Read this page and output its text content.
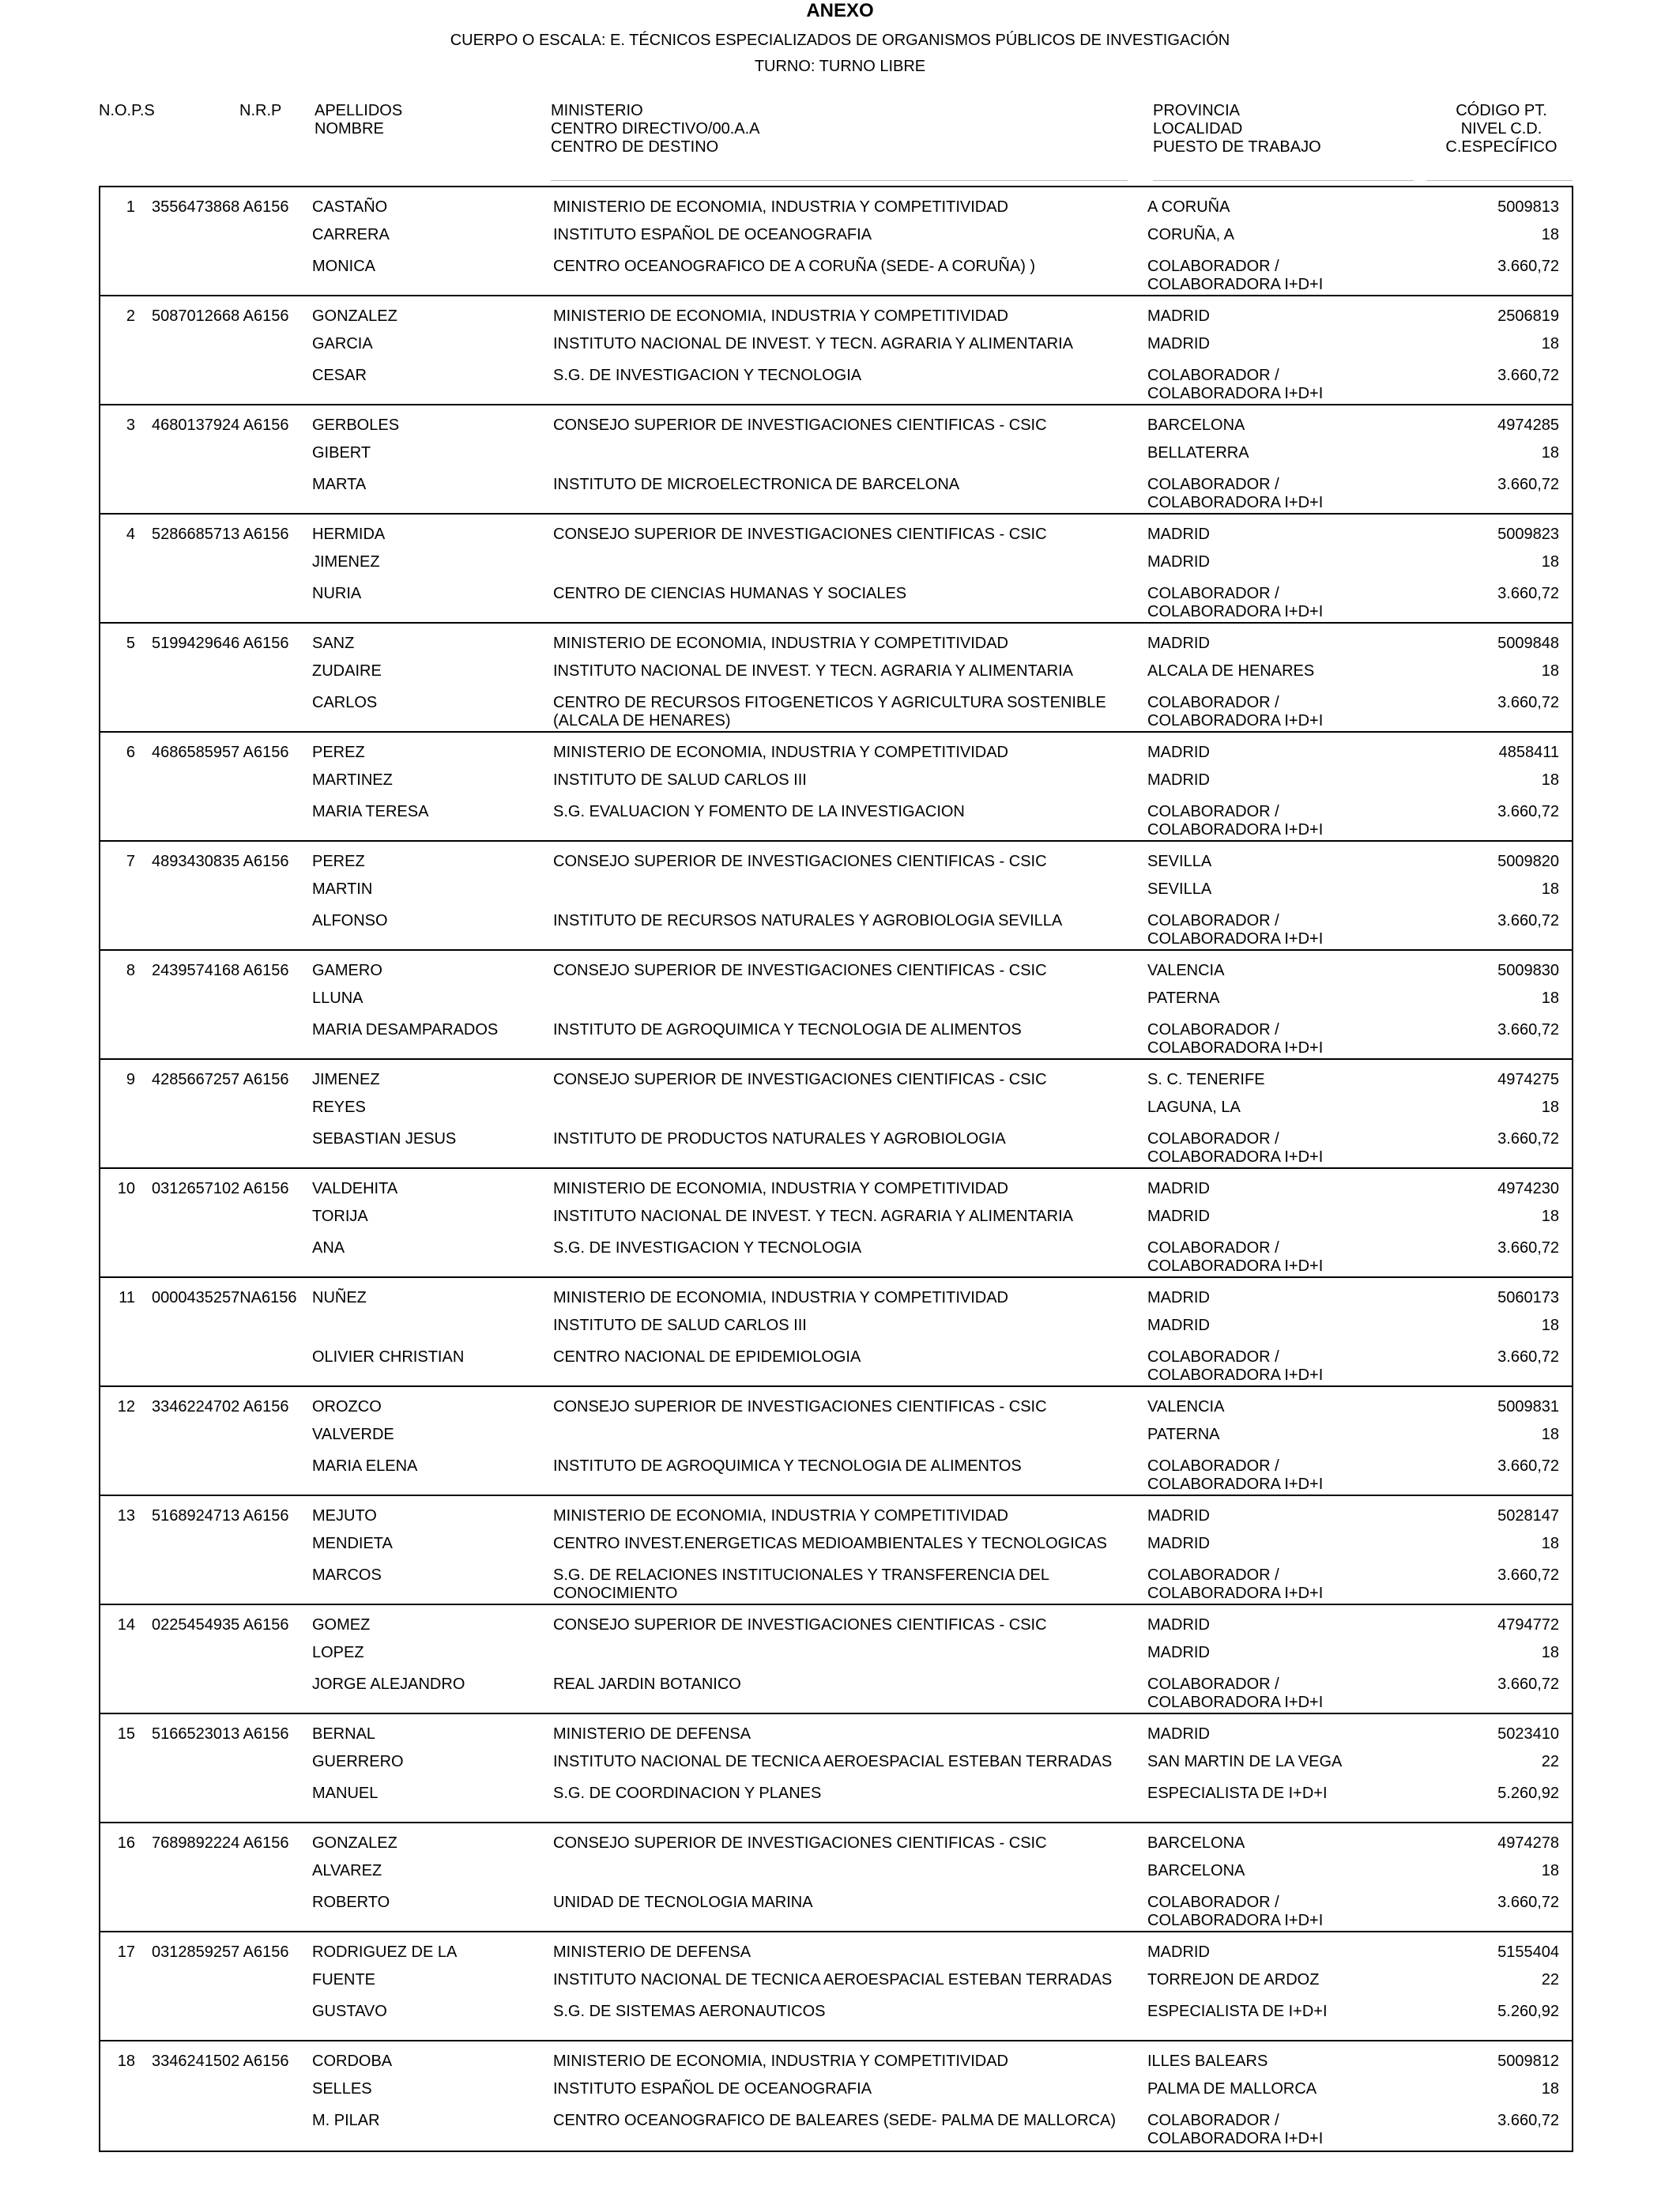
ANEXO
CUERPO O ESCALA: E. TÉCNICOS ESPECIALIZADOS DE ORGANISMOS PÚBLICOS DE INVESTIGACIÓN
TURNO: TURNO LIBRE
N.O.P.S	N.R.P APELLIDOS
NOMBRE
MINISTERIO
CENTRO DIRECTIVO/00.A.A
CENTRO DE DESTINO
PROVINCIA
LOCALIDAD
PUESTO DE TRABAJO
CÓDIGO PT.
NIVEL C.D.
C.ESPECÍFICO
1 3556473868 A6156 CASTAÑO
CARRERA
MONICA
MINISTERIO DE ECONOMIA, INDUSTRIA Y COMPETITIVIDAD
INSTITUTO ESPAÑOL DE OCEANOGRAFIA
CENTRO OCEANOGRAFICO DE A CORUÑA (SEDE- A CORUÑA) )
A CORUÑA
CORUÑA, A
COLABORADOR / COLABORADORA I+D+I
5009813
18
3.660,72
2 5087012668 A6156 GONZALEZ
GARCIA
CESAR
MINISTERIO DE ECONOMIA, INDUSTRIA Y COMPETITIVIDAD
INSTITUTO NACIONAL DE INVEST. Y TECN. AGRARIA Y ALIMENTARIA
S.G. DE INVESTIGACION Y TECNOLOGIA
MADRID
MADRID
COLABORADOR / COLABORADORA I+D+I
2506819
18
3.660,72
3 4680137924 A6156 GERBOLES
GIBERT
MARTA
CONSEJO SUPERIOR DE INVESTIGACIONES CIENTIFICAS - CSIC
INSTITUTO DE MICROELECTRONICA DE BARCELONA
BARCELONA
BELLATERRA
COLABORADOR / COLABORADORA I+D+I
4974285
18
3.660,72
4 5286685713 A6156 HERMIDA
JIMENEZ
NURIA
CONSEJO SUPERIOR DE INVESTIGACIONES CIENTIFICAS - CSIC
CENTRO DE CIENCIAS HUMANAS Y SOCIALES
MADRID
MADRID
COLABORADOR / COLABORADORA I+D+I
5009823
18
3.660,72
5 5199429646 A6156 SANZ
ZUDAIRE
CARLOS
MINISTERIO DE ECONOMIA, INDUSTRIA Y COMPETITIVIDAD
INSTITUTO NACIONAL DE INVEST. Y TECN. AGRARIA Y ALIMENTARIA
CENTRO DE RECURSOS FITOGENETICOS Y AGRICULTURA SOSTENIBLE (ALCALA DE HENARES)
MADRID
ALCALA DE HENARES
COLABORADOR / COLABORADORA I+D+I
5009848
18
3.660,72
6 4686585957 A6156 PEREZ
MARTINEZ
MARIA TERESA
MINISTERIO DE ECONOMIA, INDUSTRIA Y COMPETITIVIDAD
INSTITUTO DE SALUD CARLOS III
S.G. EVALUACION Y FOMENTO DE LA INVESTIGACION
MADRID
MADRID
COLABORADOR / COLABORADORA I+D+I
4858411
18
3.660,72
7 4893430835 A6156 PEREZ
MARTIN
ALFONSO
CONSEJO SUPERIOR DE INVESTIGACIONES CIENTIFICAS - CSIC
INSTITUTO DE RECURSOS NATURALES Y AGROBIOLOGIA SEVILLA
SEVILLA
SEVILLA
COLABORADOR / COLABORADORA I+D+I
5009820
18
3.660,72
8 2439574168 A6156 GAMERO
LLUNA
MARIA DESAMPARADOS
CONSEJO SUPERIOR DE INVESTIGACIONES CIENTIFICAS - CSIC
INSTITUTO DE AGROQUIMICA Y TECNOLOGIA DE ALIMENTOS
VALENCIA
PATERNA
COLABORADOR / COLABORADORA I+D+I
5009830
18
3.660,72
9 4285667257 A6156 JIMENEZ
REYES
SEBASTIAN JESUS
CONSEJO SUPERIOR DE INVESTIGACIONES CIENTIFICAS - CSIC
INSTITUTO DE PRODUCTOS NATURALES Y AGROBIOLOGIA
S. C. TENERIFE
LAGUNA, LA
COLABORADOR / COLABORADORA I+D+I
4974275
18
3.660,72
10 0312657102 A6156 VALDEHITA
TORIJA
ANA
MINISTERIO DE ECONOMIA, INDUSTRIA Y COMPETITIVIDAD
INSTITUTO NACIONAL DE INVEST. Y TECN. AGRARIA Y ALIMENTARIA
S.G. DE INVESTIGACION Y TECNOLOGIA
MADRID
MADRID
COLABORADOR / COLABORADORA I+D+I
4974230
18
3.660,72
11 0000435257NA6156 NUÑEZ
OLIVIER CHRISTIAN
MINISTERIO DE ECONOMIA, INDUSTRIA Y COMPETITIVIDAD
INSTITUTO DE SALUD CARLOS III
CENTRO NACIONAL DE EPIDEMIOLOGIA
MADRID
MADRID
COLABORADOR / COLABORADORA I+D+I
5060173
18
3.660,72
12 3346224702 A6156 OROZCO
VALVERDE
MARIA ELENA
CONSEJO SUPERIOR DE INVESTIGACIONES CIENTIFICAS - CSIC
INSTITUTO DE AGROQUIMICA Y TECNOLOGIA DE ALIMENTOS
VALENCIA
PATERNA
COLABORADOR / COLABORADORA I+D+I
5009831
18
3.660,72
13 5168924713 A6156 MEJUTO
MENDIETA
MARCOS
MINISTERIO DE ECONOMIA, INDUSTRIA Y COMPETITIVIDAD
CENTRO INVEST.ENERGETICAS MEDIOAMBIENTALES Y TECNOLOGICAS
S.G. DE RELACIONES INSTITUCIONALES Y TRANSFERENCIA DEL CONOCIMIENTO
MADRID
MADRID
COLABORADOR / COLABORADORA I+D+I
5028147
18
3.660,72
14 0225454935 A6156 GOMEZ
LOPEZ
JORGE ALEJANDRO
CONSEJO SUPERIOR DE INVESTIGACIONES CIENTIFICAS - CSIC
REAL JARDIN BOTANICO
MADRID
MADRID
COLABORADOR / COLABORADORA I+D+I
4794772
18
3.660,72
15 5166523013 A6156 BERNAL
GUERRERO
MANUEL
MINISTERIO DE DEFENSA
INSTITUTO NACIONAL DE TECNICA AEROESPACIAL ESTEBAN TERRADAS
S.G. DE COORDINACION Y PLANES
MADRID
SAN MARTIN DE LA VEGA
ESPECIALISTA DE I+D+I
5023410
22
5.260,92
16 7689892224 A6156 GONZALEZ
ALVAREZ
ROBERTO
CONSEJO SUPERIOR DE INVESTIGACIONES CIENTIFICAS - CSIC
UNIDAD DE TECNOLOGIA MARINA
BARCELONA
BARCELONA
COLABORADOR / COLABORADORA I+D+I
4974278
18
3.660,72
17 0312859257 A6156 RODRIGUEZ DE LA
FUENTE
GUSTAVO
MINISTERIO DE DEFENSA
INSTITUTO NACIONAL DE TECNICA AEROESPACIAL ESTEBAN TERRADAS
S.G. DE SISTEMAS AERONAUTICOS
MADRID
TORREJON DE ARDOZ
ESPECIALISTA DE I+D+I
5155404
22
5.260,92
18 3346241502 A6156 CORDOBA
SELLES
M. PILAR
MINISTERIO DE ECONOMIA, INDUSTRIA Y COMPETITIVIDAD
INSTITUTO ESPAÑOL DE OCEANOGRAFIA
CENTRO OCEANOGRAFICO DE BALEARES (SEDE- PALMA DE MALLORCA)
ILLES BALEARS
PALMA DE MALLORCA
COLABORADOR / COLABORADORA I+D+I
5009812
18
3.660,72
